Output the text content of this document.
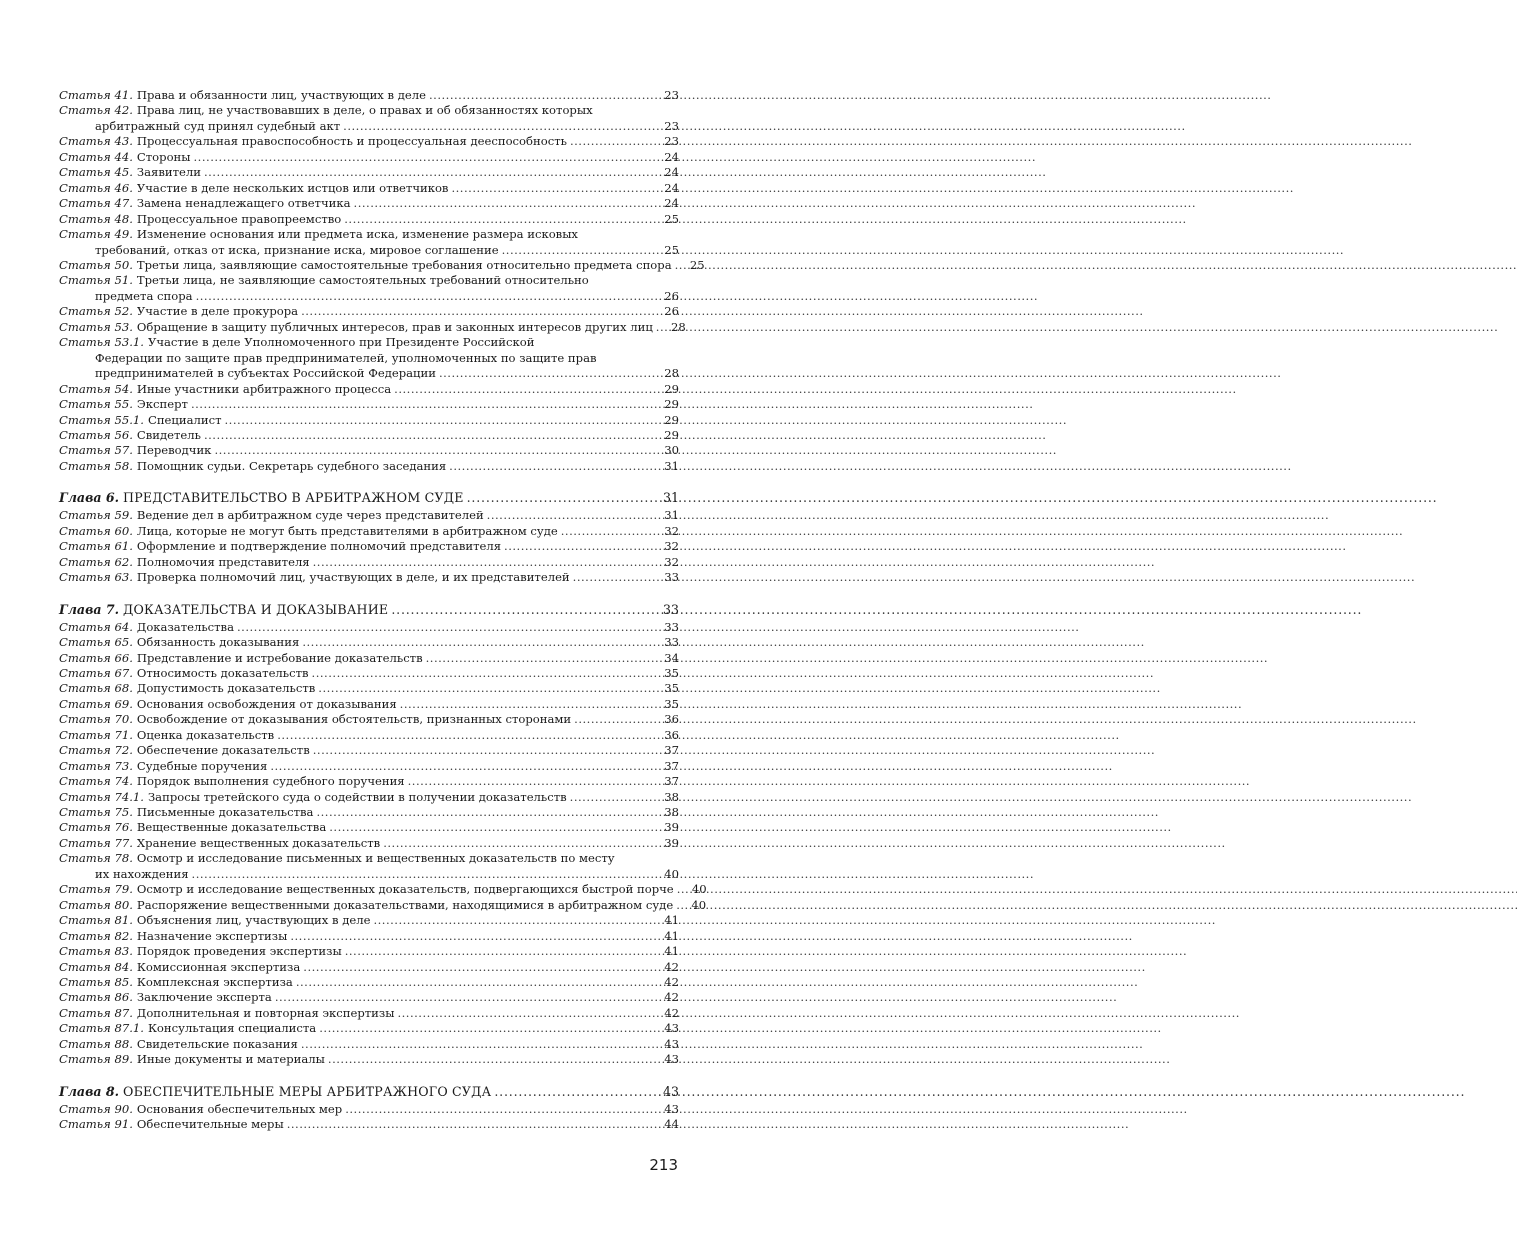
Статья 41. Права и обязанности лиц, участвующих в деле . . .	23
Статья 42. Права лиц, не участвовавших в деле, о правах и об обязанностях которых
арбитражный суд принял судебный акт . . .	23
Статья 43. Процессуальная правоспособность и процессуальная дееспособность . . .	23
Статья 44. Стороны . . .	24
Статья 45. Заявители . . .	24
Статья 46. Участие в деле нескольких истцов или ответчиков . . .	24
Статья 47. Замена ненадлежащего ответчика . . .	24
Статья 48. Процессуальное правопреемство . . .	25
Статья 49. Изменение основания или предмета иска, изменение размера исковых
требований, отказ от иска, признание иска, мировое соглашение . . .	25
Статья 50. Третьи лица, заявляющие самостоятельные требования относительно предмета спора . . . 25
Статья 51. Третьи лица, не заявляющие самостоятельных требований относительно
предмета спора . . .	26
Статья 52. Участие в деле прокурора . . .	26
Статья 53. Обращение в защиту публичных интересов, прав и законных интересов других лиц . . . 28
Статья 53.1. Участие в деле Уполномоченного при Президенте Российской
Федерации по защите прав предпринимателей, уполномоченных по защите прав
предпринимателей в субъектах Российской Федерации . . .	28
Статья 54. Иные участники арбитражного процесса . . .	29
Статья 55. Эксперт . . .	29
Статья 55.1. Специалист . . .	29
Статья 56. Свидетель . . .	29
Статья 57. Переводчик . . .	30
Статья 58. Помощник судьи. Секретарь судебного заседания . . .	31
Глава 6. ПРЕДСТАВИТЕЛЬСТВО В АРБИТРАЖНОМ СУДЕ . . .	31
Статья 59. Ведение дел в арбитражном суде через представителей . . .	31
Статья 60. Лица, которые не могут быть представителями в арбитражном суде . . .	32
Статья 61. Оформление и подтверждение полномочий представителя . . .	32
Статья 62. Полномочия представителя . . .	32
Статья 63. Проверка полномочий лиц, участвующих в деле, и их представителей . . .	33
Глава 7. ДОКАЗАТЕЛЬСТВА И ДОКАЗЫВАНИЕ . . .	33
Статья 64. Доказательства . . .	33
Статья 65. Обязанность доказывания . . .	33
Статья 66. Представление и истребование доказательств . . .	34
Статья 67. Относимость доказательств . . .	35
Статья 68. Допустимость доказательств . . .	35
Статья 69. Основания освобождения от доказывания . . .	35
Статья 70. Освобождение от доказывания обстоятельств, признанных сторонами . . .	36
Статья 71. Оценка доказательств . . .	36
Статья 72. Обеспечение доказательств . . .	37
Статья 73. Судебные поручения . . .	37
Статья 74. Порядок выполнения судебного поручения . . .	37
Статья 74.1. Запросы третейского суда о содействии в получении доказательств . . .	38
Статья 75. Письменные доказательства . . .	38
Статья 76. Вещественные доказательства . . .	39
Статья 77. Хранение вещественных доказательств . . .	39
Статья 78. Осмотр и исследование письменных и вещественных доказательств по месту
их нахождения . . .	40
Статья 79. Осмотр и исследование вещественных доказательств, подвергающихся быстрой порче . . . 40
Статья 80. Распоряжение вещественными доказательствами, находящимися в арбитражном суде . . . 40
Статья 81. Объяснения лиц, участвующих в деле . . .	41
Статья 82. Назначение экспертизы . . .	41
Статья 83. Порядок проведения экспертизы . . .	41
Статья 84. Комиссионная экспертиза . . .	42
Статья 85. Комплексная экспертиза . . .	42
Статья 86. Заключение эксперта . . .	42
Статья 87. Дополнительная и повторная экспертизы . . .	42
Статья 87.1. Консультация специалиста . . .	43
Статья 88. Свидетельские показания . . .	43
Статья 89. Иные документы и материалы . . .	43
Глава 8. ОБЕСПЕЧИТЕЛЬНЫЕ МЕРЫ АРБИТРАЖНОГО СУДА . . .	43
Статья 90. Основания обеспечительных мер . . .	43
Статья 91. Обеспечительные меры . . .	44
213
